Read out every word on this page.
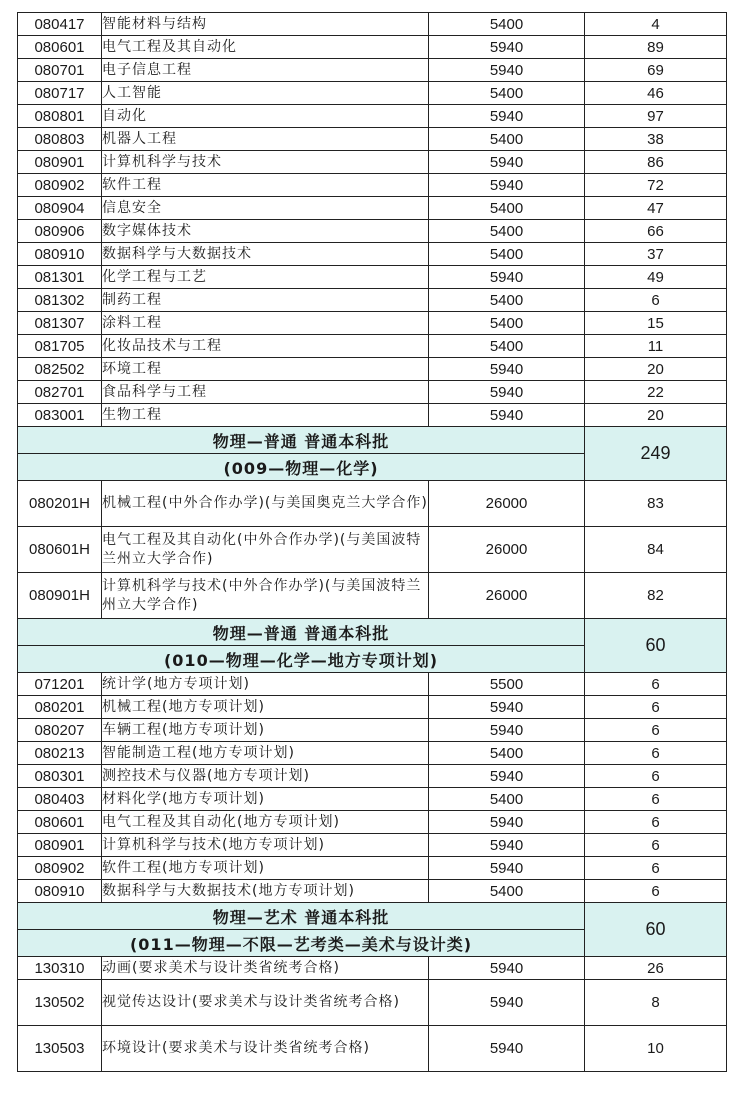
080417	智能材料与结构	5400	4
080601	电气工程及其自动化	5940	89
080701	电子信息工程	5940	69
080717	人工智能	5400	46
080801	自动化	5940	97
080803	机器人工程	5400	38
080901	计算机科学与技术	5940	86
080902	软件工程	5940	72
080904	信息安全	5400	47
080906	数字媒体技术	5400	66
080910	数据科学与大数据技术	5400	37
081301	化学工程与工艺	5940	49
081302	制药工程	5400	6
081307	涂料工程	5400	15
081705	化妆品技术与工程	5400	11
082502	环境工程	5940	20
082701	食品科学与工程	5940	22
083001	生物工程	5940	20
物理—普通 普通本科批			249
(009—物理—化学)			
080201H	机械工程(中外合作办学)(与美国奥克兰大学合作)	26000	83
080601H	电气工程及其自动化(中外合作办学)(与美国波特兰州立大学合作)	26000	84
080901H	计算机科学与技术(中外合作办学)(与美国波特兰州立大学合作)	26000	82
物理—普通 普通本科批			60
(010—物理—化学—地方专项计划)			
071201	统计学(地方专项计划)	5500	6
080201	机械工程(地方专项计划)	5940	6
080207	车辆工程(地方专项计划)	5940	6
080213	智能制造工程(地方专项计划)	5400	6
080301	测控技术与仪器(地方专项计划)	5940	6
080403	材料化学(地方专项计划)	5400	6
080601	电气工程及其自动化(地方专项计划)	5940	6
080901	计算机科学与技术(地方专项计划)	5940	6
080902	软件工程(地方专项计划)	5940	6
080910	数据科学与大数据技术(地方专项计划)	5400	6
物理—艺术 普通本科批			60
(011—物理—不限—艺考类—美术与设计类)			
130310	动画(要求美术与设计类省统考合格)	5940	26
130502	视觉传达设计(要求美术与设计类省统考合格)	5940	8
130503	环境设计(要求美术与设计类省统考合格)	5940	10
